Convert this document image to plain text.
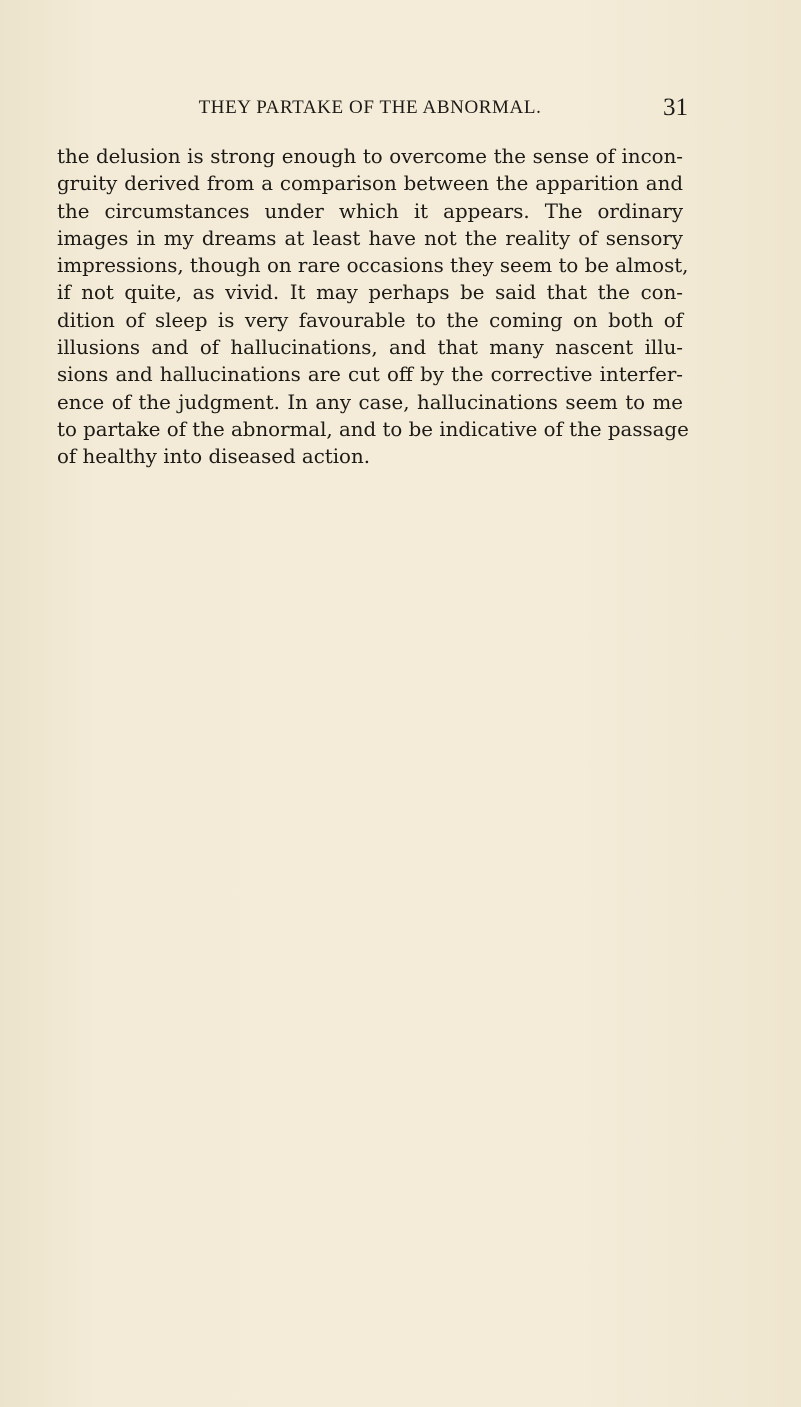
THEY PARTAKE OF THE ABNORMAL.	31
the delusion is strong enough to overcome the sense of incon-
gruity derived from a comparison between the apparition and
the circumstances under which it appears. The ordinary
images in my dreams at least have not the reality of sensory
impressions, though on rare occasions they seem to be almost,
if not quite, as vivid. It may perhaps be said that the con-
dition of sleep is very favourable to the coming on both of
illusions and of hallucinations, and that many nascent illu-
sions and hallucinations are cut off by the corrective interfer-
ence of the judgment. In any case, hallucinations seem to me
to partake of the abnormal, and to be indicative of the passage
of healthy into diseased action.
